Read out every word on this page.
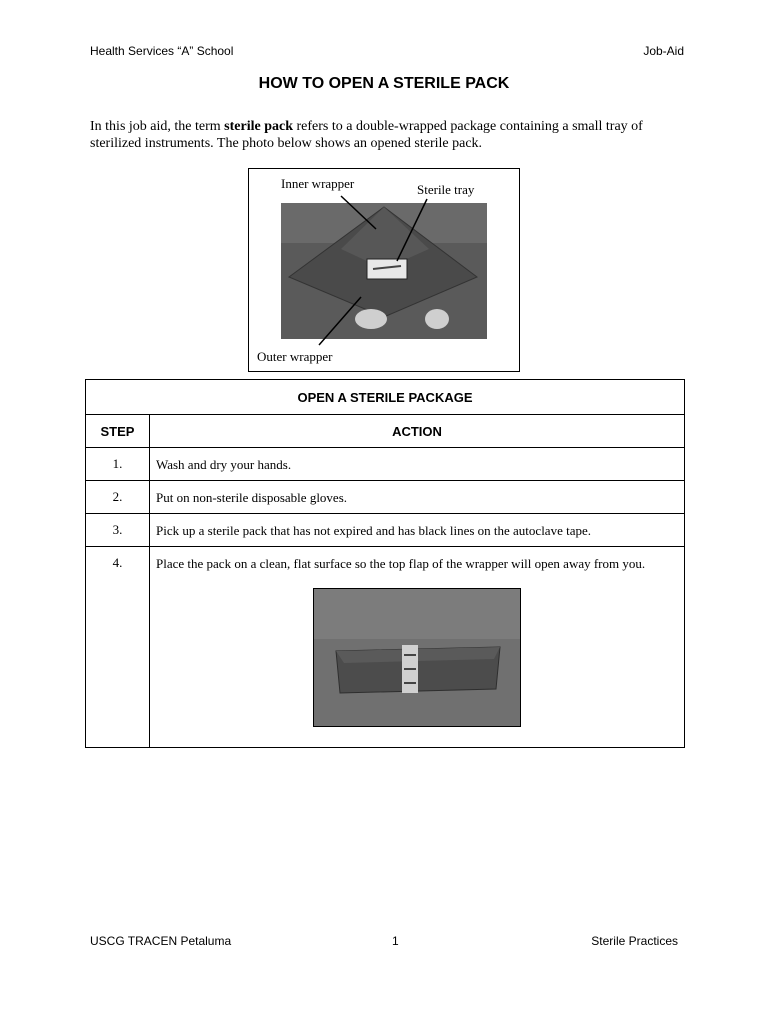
Health Services “A” School	Job-Aid
HOW TO OPEN A STERILE PACK
In this job aid, the term sterile pack refers to a double-wrapped package containing a small tray of sterilized instruments. The photo below shows an opened sterile pack.
Inner wrapper	Sterile tray
Outer wrapper
OPEN A STERILE PACKAGE	
STEP	ACTION
1.	Wash and dry your hands.
2.	Put on non-sterile disposable gloves.
3.	Pick up a sterile pack that has not expired and has black lines on the autoclave tape.
4.	Place the pack on a clean, flat surface so the top flap of the wrapper will open away from you.
USCG TRACEN Petaluma	1	Sterile Practices
